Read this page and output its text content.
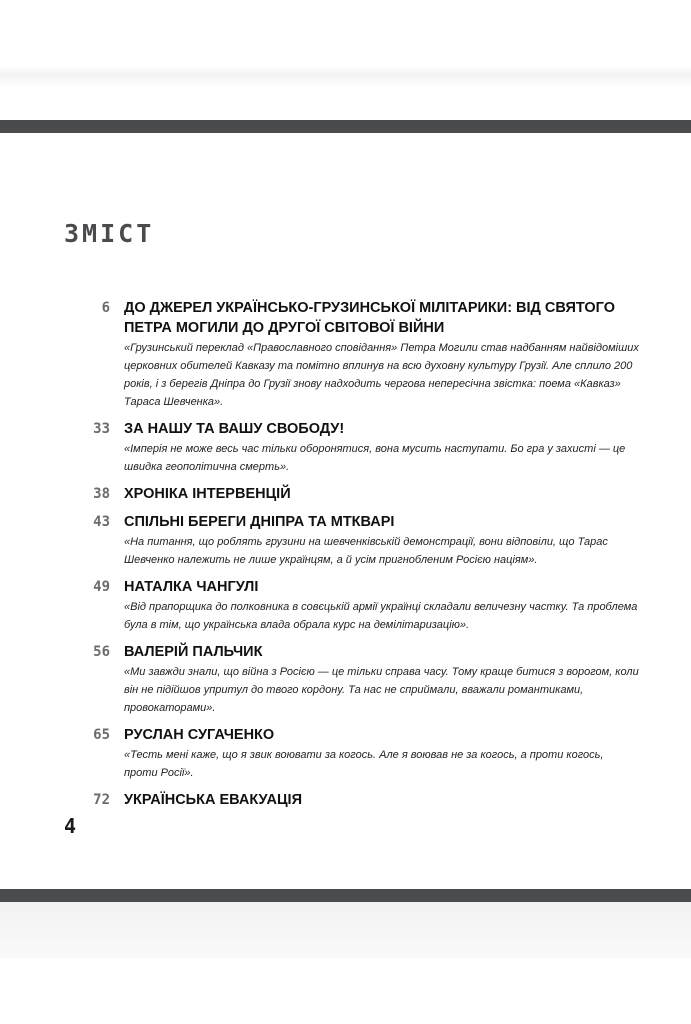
ЗМІСТ
6 ДО ДЖЕРЕЛ УКРАЇНСЬКО-ГРУЗИНСЬКОЇ МІЛІТАРИКИ: ВІД СВЯТОГО ПЕТРА МОГИЛИ ДО ДРУГОЇ СВІТОВОЇ ВІЙНИ
«Грузинський переклад «Православного сповідання» Петра Могили став надбанням найвідоміших церковних обителей Кавказу та помітно вплинув на всю духовну культуру Грузії. Але сплило 200 років, і з берегів Дніпра до Грузії знову надходить чергова непересічна звістка: поема «Кавказ» Тараса Шевченка».
33 ЗА НАШУ ТА ВАШУ СВОБОДУ!
«Імперія не може весь час тільки оборонятися, вона мусить наступати. Бо гра у захисті — це швидка геополітична смерть».
38 ХРОНІКА ІНТЕРВЕНЦІЙ
43 СПІЛЬНІ БЕРЕГИ ДНІПРА ТА МТКВАРІ
«На питання, що роблять грузини на шевченківській демонстрації, вони відповіли, що Тарас Шевченко належить не лише українцям, а й усім пригнобленим Росією націям».
49 НАТАЛКА ЧАНГУЛІ
«Від прапорщика до полковника в совєцькій армії українці складали величезну частку. Та проблема була в тім, що українська влада обрала курс на демілітаризацію».
56 ВАЛЕРІЙ ПАЛЬЧИК
«Ми завжди знали, що війна з Росією — це тільки справа часу. Тому краще битися з ворогом, коли він не підійшов упритул до твого кордону. Та нас не сприймали, вважали романтиками, провокаторами».
65 РУСЛАН СУГАЧЕНКО
«Тесть мені каже, що я звик воювати за когось. Але я воював не за когось, а проти когось, проти Росії».
72 УКРАЇНСЬКА ЕВАКУАЦІЯ
4
